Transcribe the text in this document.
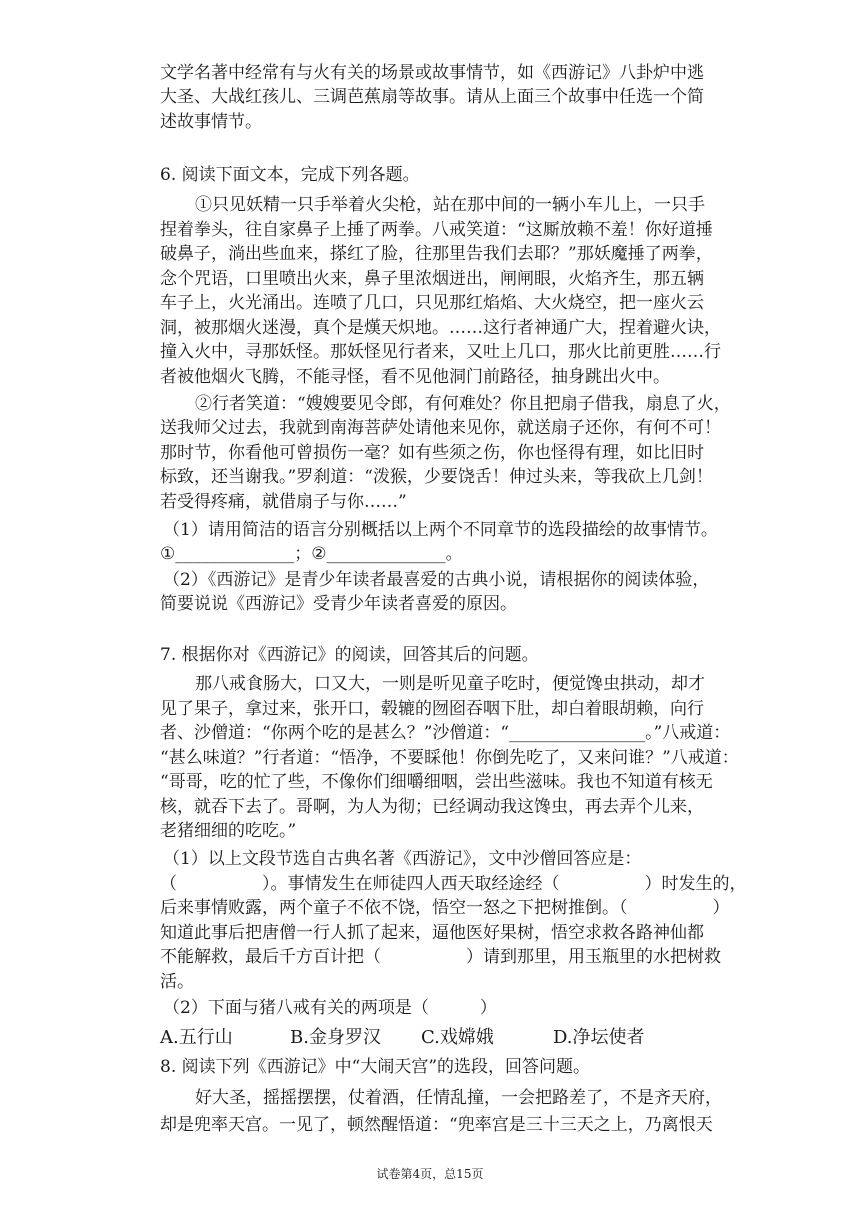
文学名著中经常有与火有关的场景或故事情节，如《西游记》八卦炉中逃
大圣、大战红孩儿、三调芭蕉扇等故事。请从上面三个故事中任选一个简
述故事情节。
6. 阅读下面文本，完成下列各题。
①只见妖精一只手举着火尖枪，站在那中间的一辆小车儿上，一只手
捏着拳头，往自家鼻子上捶了两拳。八戒笑道：“这厮放赖不羞！你好道捶
破鼻子，淌出些血来，搽红了脸，往那里告我们去耶？”那妖魔捶了两拳，
念个咒语，口里喷出火来，鼻子里浓烟迸出，闸闸眼，火焰齐生，那五辆
车子上，火光涌出。连喷了几口，只见那红焰焰、大火烧空，把一座火云
洞，被那烟火迷漫，真个是熯天炽地。……这行者神通广大，捏着避火诀，
撞入火中，寻那妖怪。那妖怪见行者来，又吐上几口，那火比前更胜……行
者被他烟火飞腾，不能寻怪，看不见他洞门前路径，抽身跳出火中。
②行者笑道：“嫂嫂要见令郎，有何难处？你且把扇子借我，扇息了火，
送我师父过去，我就到南海菩萨处请他来见你，就送扇子还你，有何不可！
那时节，你看他可曾损伤一毫？如有些须之伤，你也怪得有理，如比旧时
标致，还当谢我。”罗刹道：“泼猴，少要饶舌！伸过头来，等我砍上几剑！
若受得疼痛，就借扇子与你……”
（1）请用简洁的语言分别概括以上两个不同章节的选段描绘的故事情节。
①______________；②______________。
（2）《西游记》是青少年读者最喜爱的古典小说，请根据你的阅读体验，
简要说说《西游记》受青少年读者喜爱的原因。
7. 根据你对《西游记》的阅读，回答其后的问题。
那八戒食肠大，口又大，一则是听见童子吃时，便觉馋虫拱动，却才
见了果子，拿过来，张开口，毂辘的囫囵吞咽下肚，却白着眼胡赖，向行
者、沙僧道：“你两个吃的是甚么？”沙僧道：“________________。”八戒道：
“甚么味道？”行者道：“悟净，不要睬他！你倒先吃了，又来问谁？”八戒道：
“哥哥，吃的忙了些，不像你们细嚼细咽，尝出些滋味。我也不知道有核无
核，就吞下去了。哥啊，为人为彻；已经调动我这馋虫，再去弄个儿来，
老猪细细的吃吃。”
（1）以上文段节选自古典名著《西游记》，文中沙僧回答应是：
（　　　　　）。事情发生在师徒四人西天取经途经（　　　　　）时发生的，
后来事情败露，两个童子不依不饶，悟空一怒之下把树推倒。（　　　　　）
知道此事后把唐僧一行人抓了起来，逼他医好果树，悟空求救各路神仙都
不能解救，最后千方百计把（　　　　　）请到那里，用玉瓶里的水把树救
活。
（2）下面与猪八戒有关的两项是（　　　）
A.五行山	B.金身罗汉 C.戏嫦娥	D.净坛使者
8. 阅读下列《西游记》中“大闹天宫”的选段，回答问题。
好大圣，摇摇摆摆，仗着酒，任情乱撞，一会把路差了，不是齐天府，
却是兜率天宫。一见了，顿然醒悟道：“兜率宫是三十三天之上，乃离恨天
试卷第4页，总15页
